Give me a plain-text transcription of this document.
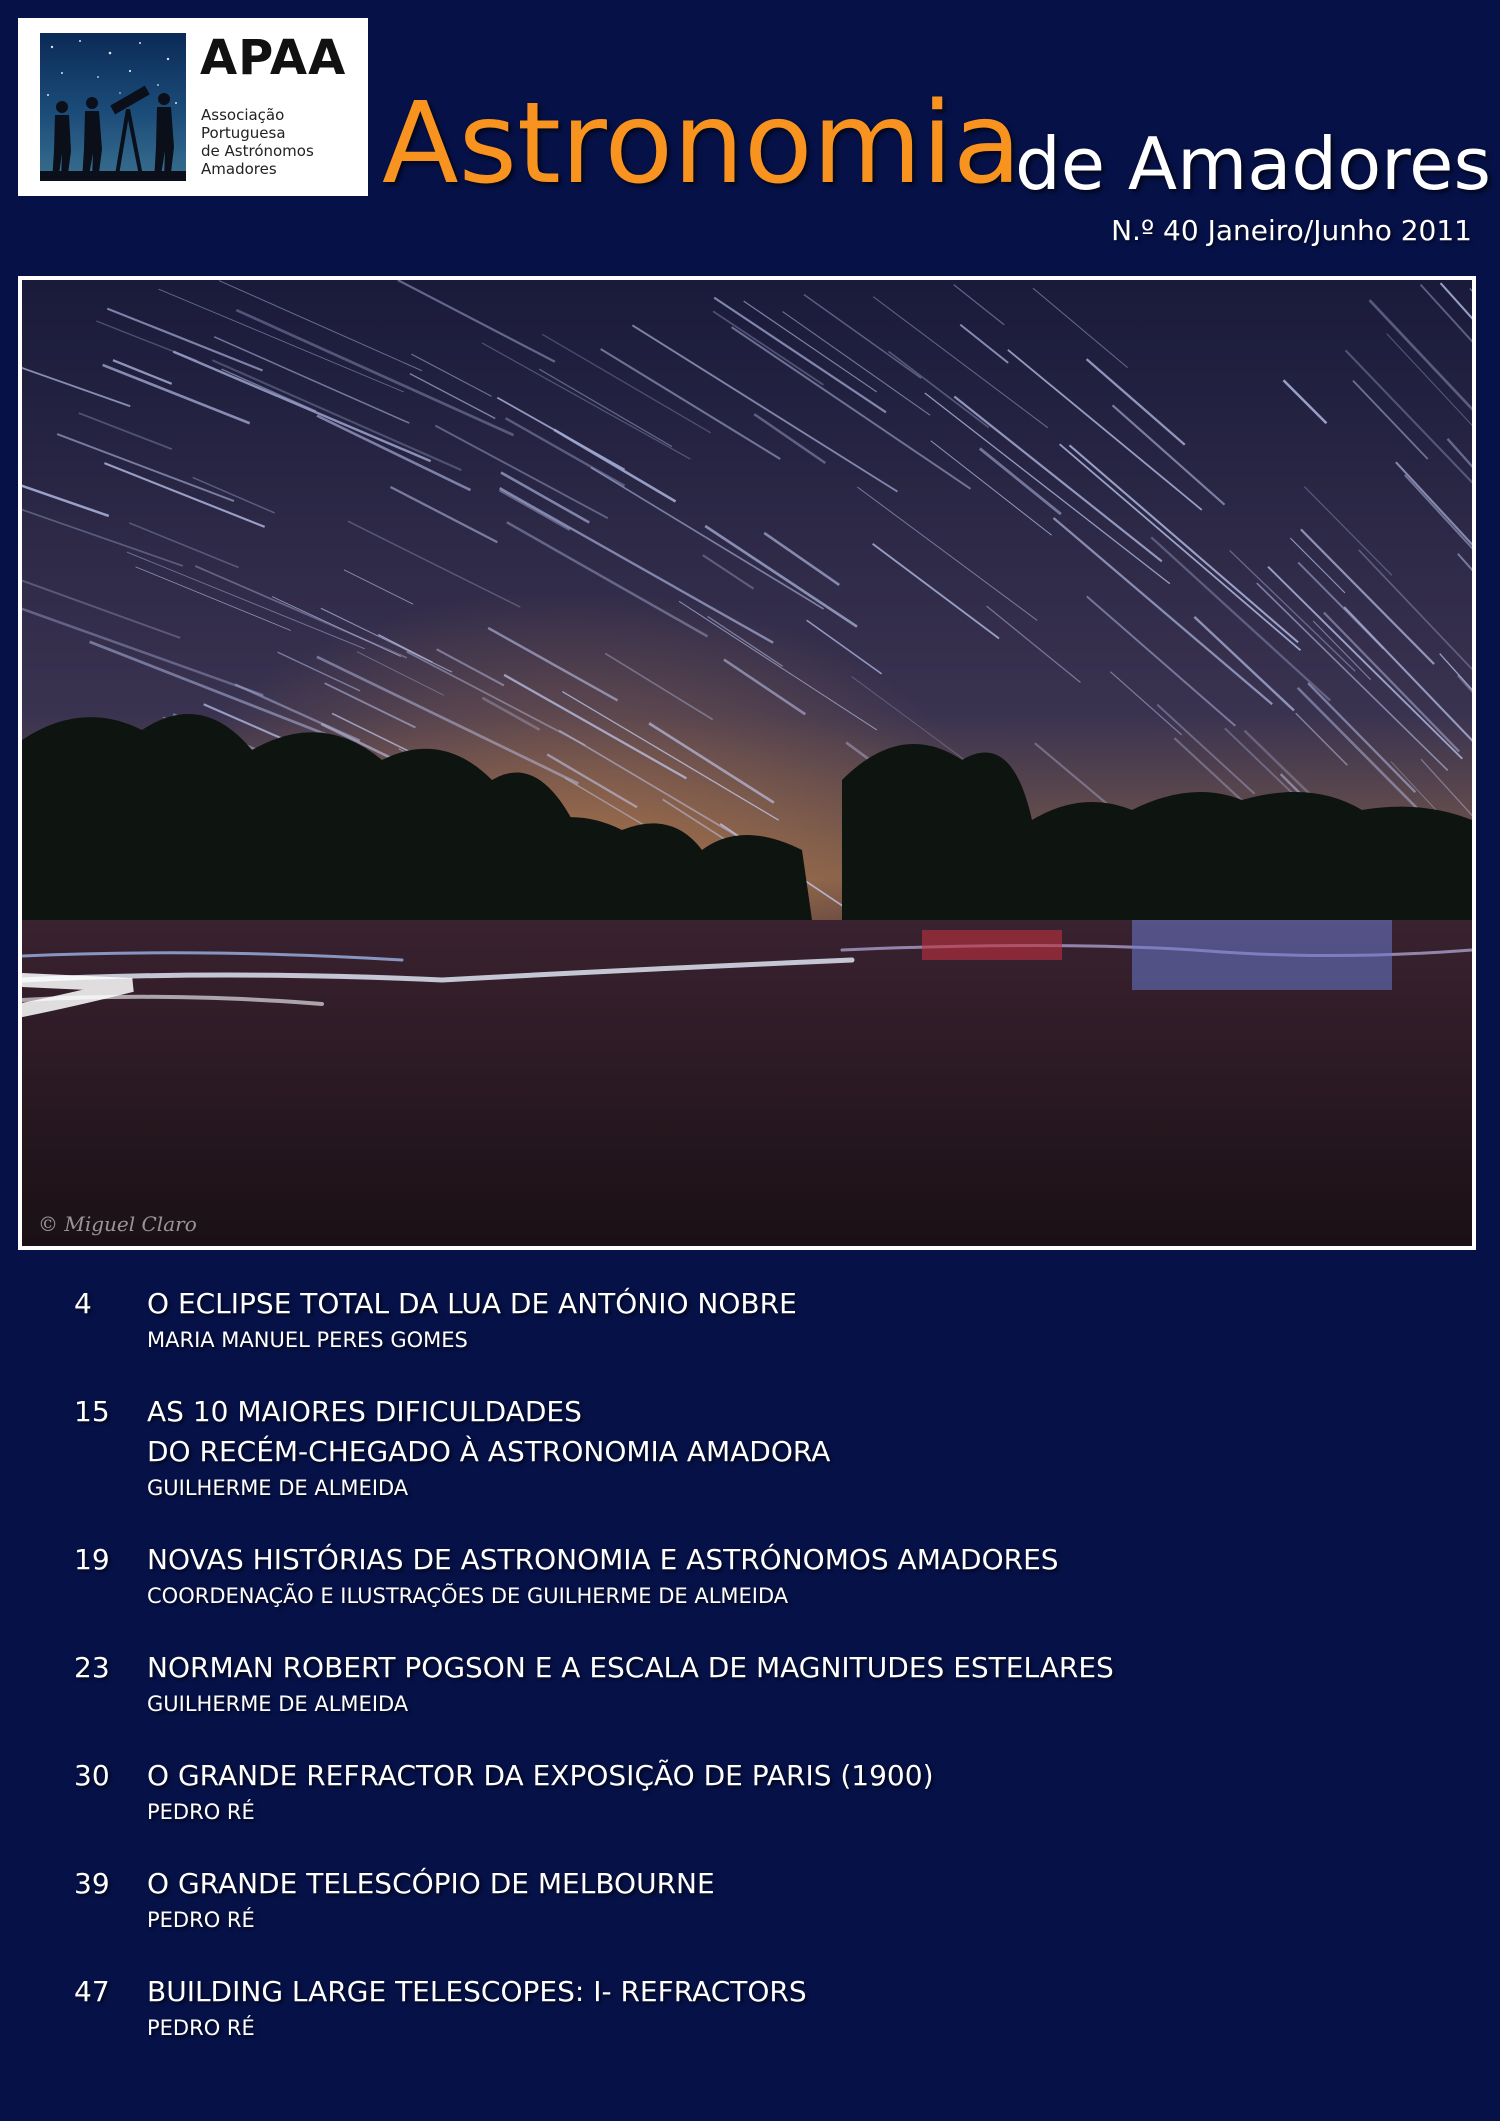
APAA
Associação
Portuguesa
de Astrónomos
Amadores Astronomia
de Amadores
N.º 40 Janeiro/Junho 2011
© Miguel Claro
4	O ECLIPSE TOTAL DA LUA DE ANTÓNIO NOBRE
MARIA MANUEL PERES GOMES
15	AS 10 MAIORES DIFICULDADES
DO RECÉM-CHEGADO À ASTRONOMIA AMADORA
GUILHERME DE ALMEIDA
19	NOVAS HISTÓRIAS DE ASTRONOMIA E ASTRÓNOMOS AMADORES
COORDENAÇÃO E ILUSTRAÇÕES DE GUILHERME DE ALMEIDA
23	NORMAN ROBERT POGSON E A ESCALA DE MAGNITUDES ESTELARES
GUILHERME DE ALMEIDA
30	O GRANDE REFRACTOR DA EXPOSIÇÃO DE PARIS (1900)
PEDRO RÉ
39	O GRANDE TELESCÓPIO DE MELBOURNE
PEDRO RÉ
47	BUILDING LARGE TELESCOPES: I- REFRACTORS
PEDRO RÉ
